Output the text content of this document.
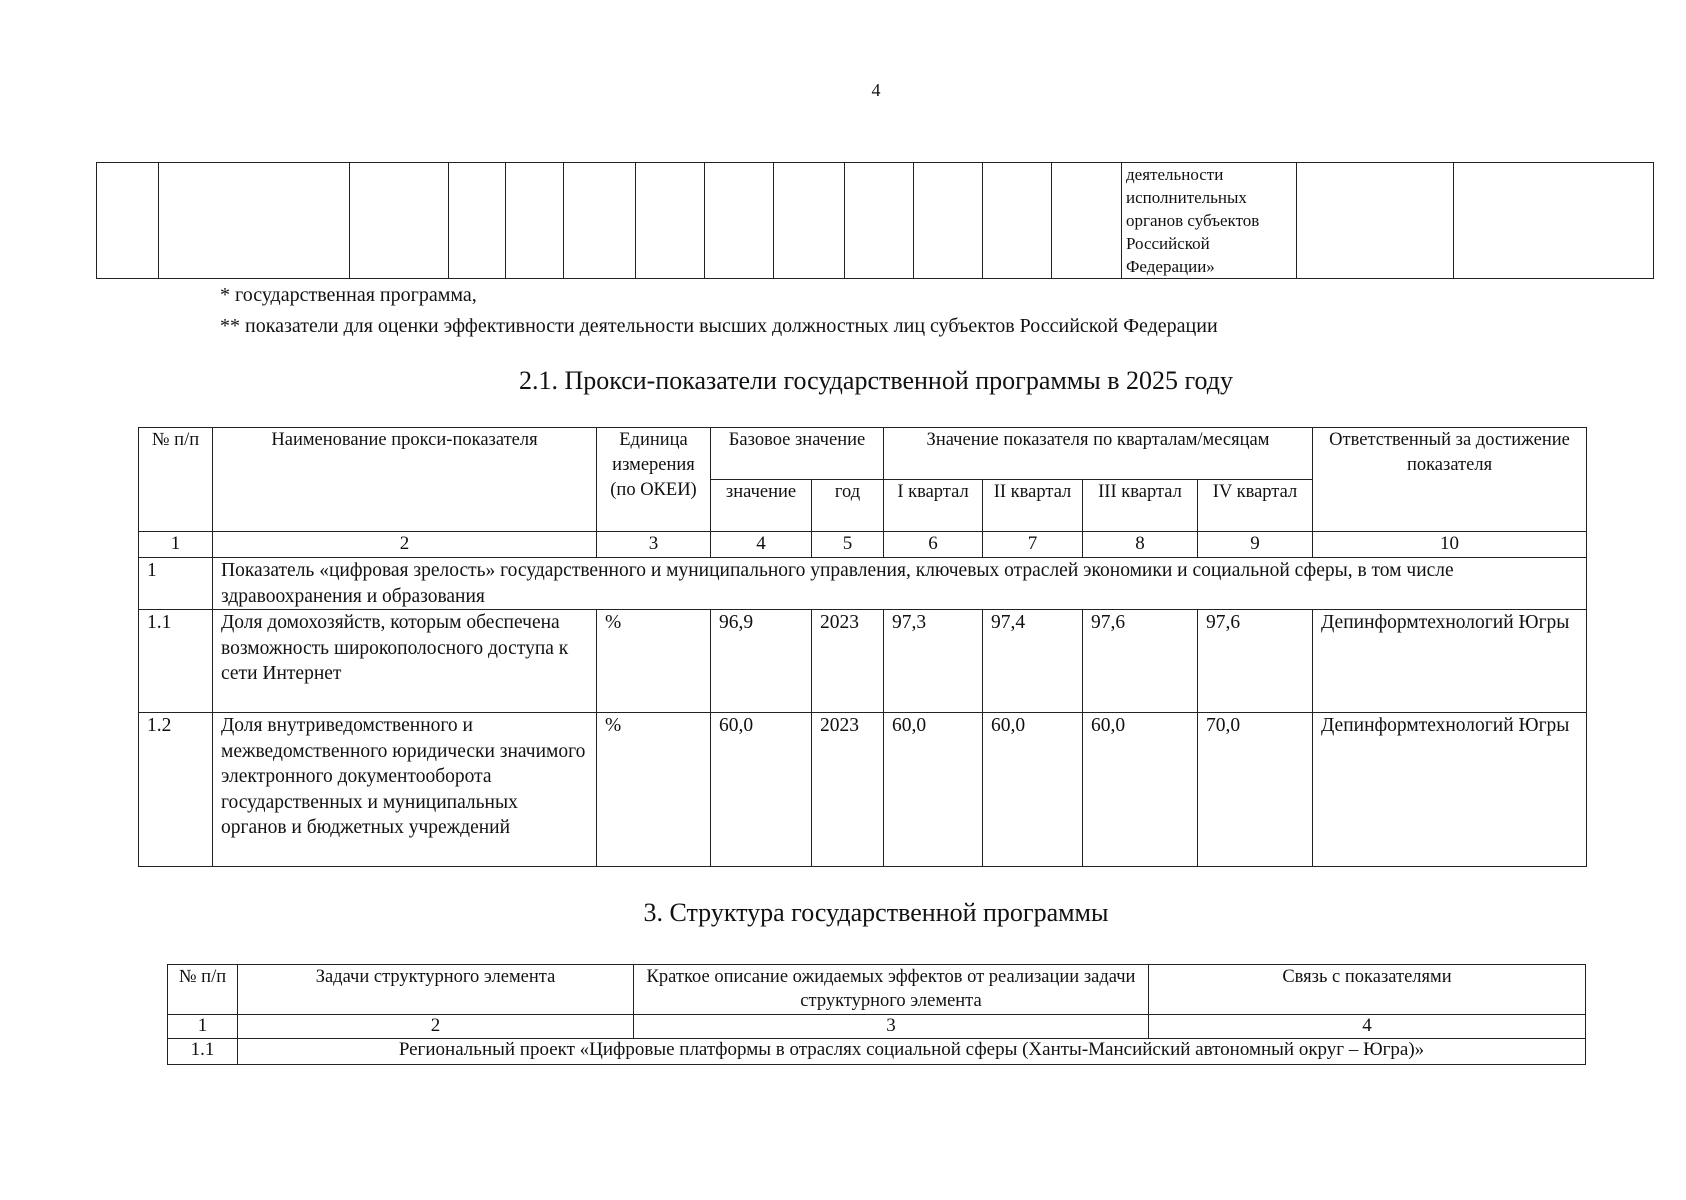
4
													деятельности исполнительных органов субъектов Российской Федерации»		
* государственная программа,
** показатели для оценки эффективности деятельности высших должностных лиц субъектов Российской Федерации
2.1. Прокси-показатели государственной программы в 2025 году
№ п/п	Наименование прокси-показателя	Единица измерения (по ОКЕИ)	Базовое значение		Значение показателя по кварталам/месяцам				Ответственный за достижение показателя
			значение	год	I квартал	II квартал	III квартал	IV квартал	
1	2	3	4	5	6	7	8	9	10
1	Показатель «цифровая зрелость» государственного и муниципального управления, ключевых отраслей экономики и социальной сферы, в том числе здравоохранения и образования								
1.1	Доля домохозяйств, которым обеспечена возможность широкополосного доступа к сети Интернет	%	96,9	2023	97,3	97,4	97,6	97,6	Депинформтехнологий Югры
1.2	Доля внутриведомственного и межведомственного юридически значимого электронного документооборота государственных и муниципальных органов и бюджетных учреждений	%	60,0	2023	60,0	60,0	60,0	70,0	Депинформтехнологий Югры
3. Структура государственной программы
№ п/п	Задачи структурного элемента	Краткое описание ожидаемых эффектов от реализации задачи структурного элемента	Связь с показателями
1	2	3	4
1.1	Региональный проект «Цифровые платформы в отраслях социальной сферы (Ханты-Мансийский автономный округ – Югра)»		
